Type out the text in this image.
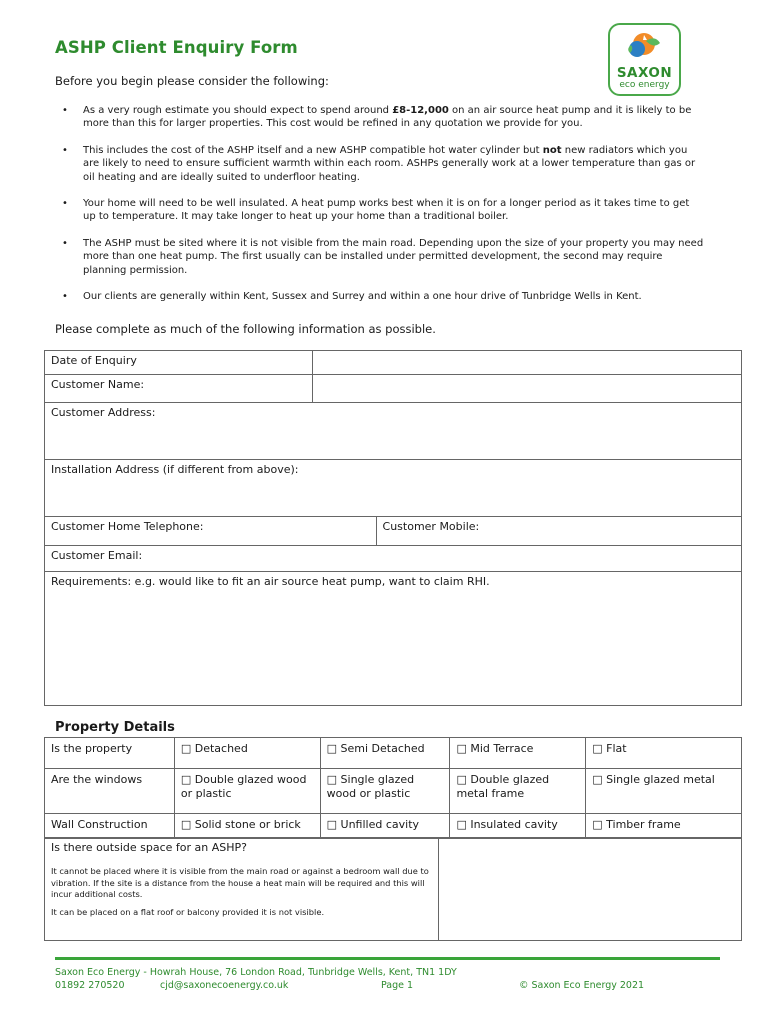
ASHP Client Enquiry Form
SAXON
eco energy
Before you begin please consider the following:
• As a very rough estimate you should expect to spend around £8-12,000 on an air source heat pump and it is likely to be more than this for larger properties. This cost would be refined in any quotation we provide for you.
• This includes the cost of the ASHP itself and a new ASHP compatible hot water cylinder but not new radiators which you are likely to need to ensure sufficient warmth within each room. ASHPs generally work at a lower temperature than gas or oil heating and are ideally suited to underfloor heating.
• Your home will need to be well insulated. A heat pump works best when it is on for a longer period as it takes time to get up to temperature. It may take longer to heat up your home than a traditional boiler.
• The ASHP must be sited where it is not visible from the main road. Depending upon the size of your property you may need more than one heat pump. The first usually can be installed under permitted development, the second may require planning permission.
• Our clients are generally within Kent, Sussex and Surrey and within a one hour drive of Tunbridge Wells in Kent.
Please complete as much of the following information as possible.
Date of Enquiry		
Customer Name:		
Customer Address:		
Installation Address (if different from above):		
Customer Home Telephone:		Customer Mobile:
Customer Email:		
Requirements: e.g. would like to fit an air source heat pump, want to claim RHI.		
Property Details
Is the property	□ Detached	□ Semi Detached	□ Mid Terrace	□ Flat
Are the windows	□ Double glazed wood or plastic	□ Single glazed wood or plastic	□ Double glazed metal frame	□ Single glazed metal
Wall Construction	□ Solid stone or brick	□ Unfilled cavity	□ Insulated cavity	□ Timber frame
Is there outside space for an ASHP?
It cannot be placed where it is visible from the main road or against a bedroom wall due to vibration. If the site is a distance from the house a heat main will be required and this will incur additional costs.
It can be placed on a flat roof or balcony provided it is not visible.
Saxon Eco Energy - Howrah House, 76 London Road, Tunbridge Wells, Kent, TN1 1DY
01892 270520	cjd@saxonecoenergy.co.uk	Page 1	© Saxon Eco Energy 2021
